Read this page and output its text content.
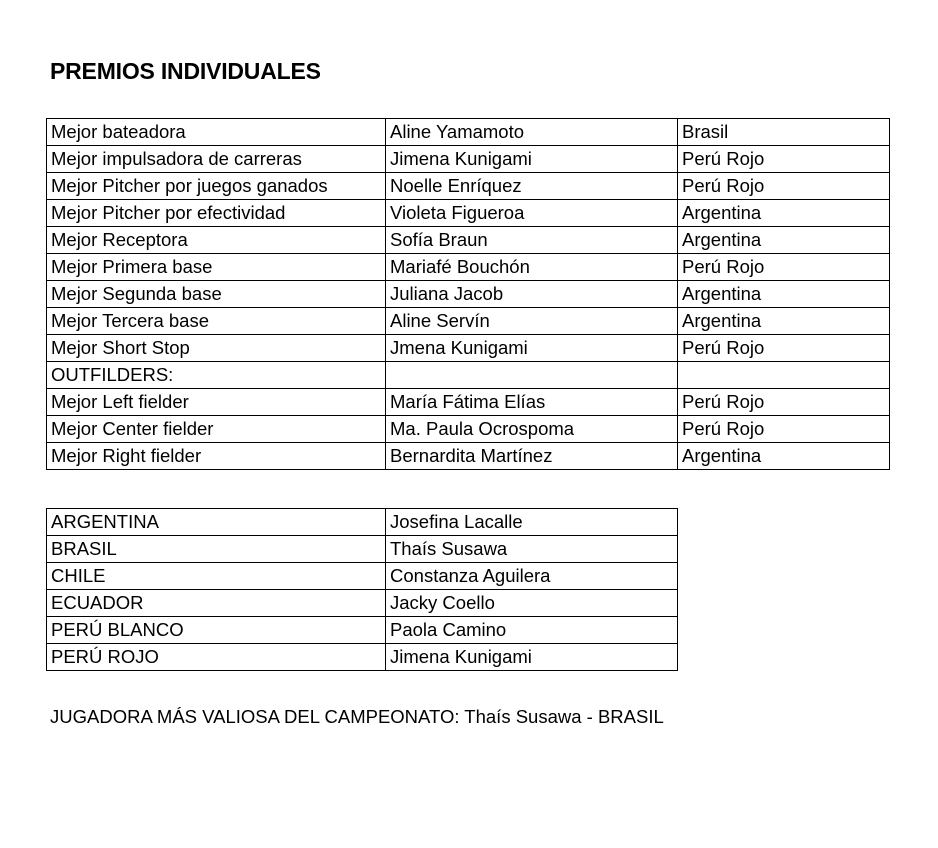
PREMIOS INDIVIDUALES
Mejor bateadora	Aline Yamamoto	Brasil
Mejor impulsadora de carreras	Jimena Kunigami	Perú Rojo
Mejor Pitcher por juegos ganados	Noelle Enríquez	Perú Rojo
Mejor Pitcher por efectividad	Violeta Figueroa	Argentina
Mejor Receptora	Sofía Braun	Argentina
Mejor Primera base	Mariafé Bouchón	Perú Rojo
Mejor Segunda base	Juliana Jacob	Argentina
Mejor Tercera base	Aline Servín	Argentina
Mejor Short Stop	Jmena Kunigami	Perú Rojo
OUTFILDERS:		
Mejor Left fielder	María Fátima Elías	Perú Rojo
Mejor Center fielder	Ma. Paula Ocrospoma	Perú Rojo
Mejor Right fielder	Bernardita Martínez	Argentina
ARGENTINA	Josefina Lacalle
BRASIL	Thaís Susawa
CHILE	Constanza Aguilera
ECUADOR	Jacky Coello
PERÚ BLANCO	Paola Camino
PERÚ ROJO	Jimena Kunigami
JUGADORA MÁS VALIOSA DEL CAMPEONATO: Thaís Susawa - BRASIL
